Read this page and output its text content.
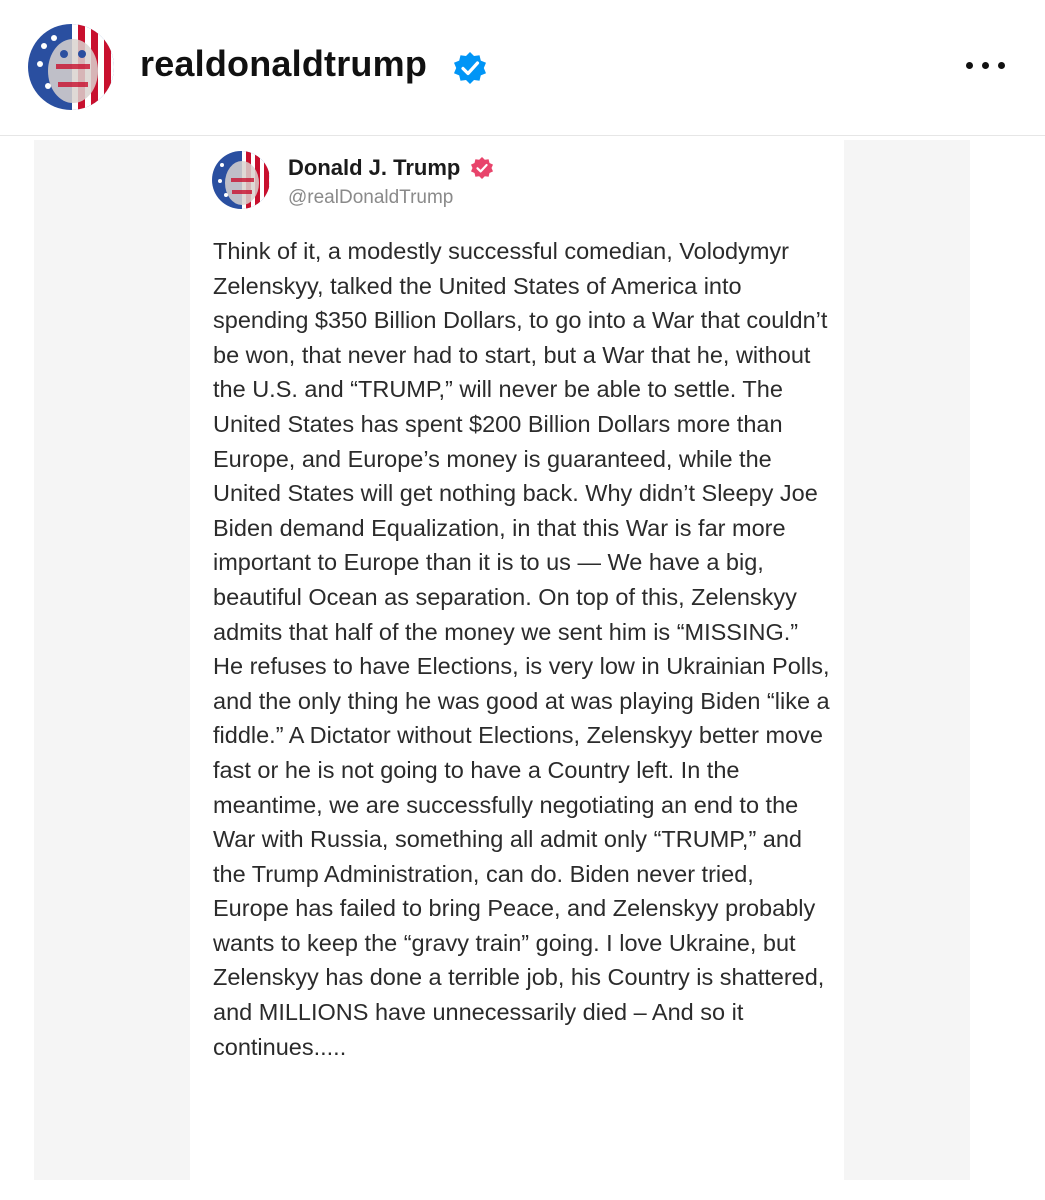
realdonaldtrump
Donald J. Trump
@realDonaldTrump

Think of it, a modestly successful comedian, Volodymyr Zelenskyy, talked the United States of America into spending $350 Billion Dollars, to go into a War that couldn’t be won, that never had to start, but a War that he, without the U.S. and “TRUMP,” will never be able to settle. The United States has spent $200 Billion Dollars more than Europe, and Europe’s money is guaranteed, while the United States will get nothing back. Why didn’t Sleepy Joe Biden demand Equalization, in that this War is far more important to Europe than it is to us — We have a big, beautiful Ocean as separation. On top of this, Zelenskyy admits that half of the money we sent him is “MISSING.” He refuses to have Elections, is very low in Ukrainian Polls, and the only thing he was good at was playing Biden “like a fiddle.” A Dictator without Elections, Zelenskyy better move fast or he is not going to have a Country left. In the meantime, we are successfully negotiating an end to the War with Russia, something all admit only “TRUMP,” and the Trump Administration, can do. Biden never tried, Europe has failed to bring Peace, and Zelenskyy probably wants to keep the “gravy train” going. I love Ukraine, but Zelenskyy has done a terrible job, his Country is shattered, and MILLIONS have unnecessarily died – And so it continues.....
